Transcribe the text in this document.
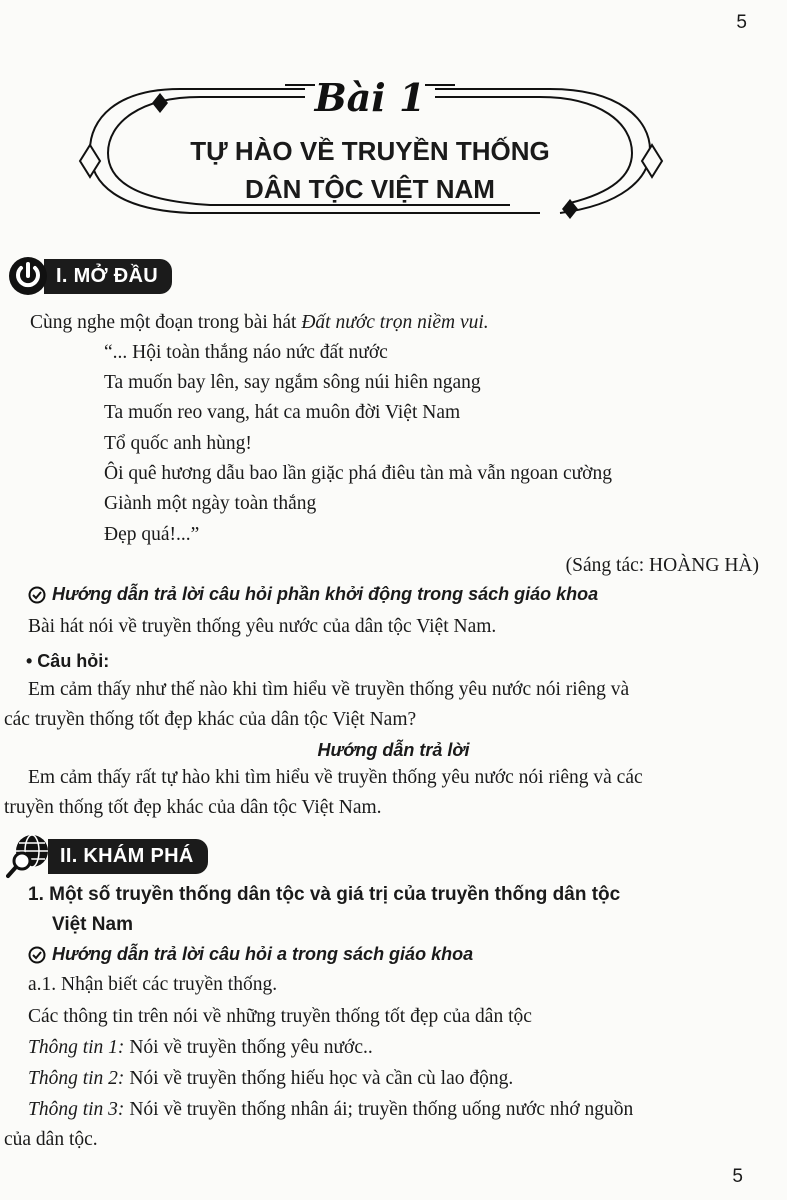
5
Bài 1
TỰ HÀO VỀ TRUYỀN THỐNG
DÂN TỘC VIỆT NAM
I. MỞ ĐẦU
Cùng nghe một đoạn trong bài hát Đất nước trọn niềm vui.
“... Hội toàn thắng náo nức đất nước
Ta muốn bay lên, say ngắm sông núi hiên ngang
Ta muốn reo vang, hát ca muôn đời Việt Nam
Tổ quốc anh hùng!
Ôi quê hương dẫu bao lần giặc phá điêu tàn mà vẫn ngoan cường
Giành một ngày toàn thắng
Đẹp quá!...”
(Sáng tác: HOÀNG HÀ)
Hướng dẫn trả lời câu hỏi phần khởi động trong sách giáo khoa
Bài hát nói về truyền thống yêu nước của dân tộc Việt Nam.
• Câu hỏi:
Em cảm thấy như thế nào khi tìm hiểu về truyền thống yêu nước nói riêng và
các truyền thống tốt đẹp khác của dân tộc Việt Nam?
Hướng dẫn trả lời
Em cảm thấy rất tự hào khi tìm hiểu về truyền thống yêu nước nói riêng và các
truyền thống tốt đẹp khác của dân tộc Việt Nam.
II. KHÁM PHÁ
1. Một số truyền thống dân tộc và giá trị của truyền thống dân tộc
Việt Nam
Hướng dẫn trả lời câu hỏi a trong sách giáo khoa
a.1. Nhận biết các truyền thống.
Các thông tin trên nói về những truyền thống tốt đẹp của dân tộc
Thông tin 1: Nói về truyền thống yêu nước..
Thông tin 2: Nói về truyền thống hiếu học và cần cù lao động.
Thông tin 3: Nói về truyền thống nhân ái; truyền thống uống nước nhớ nguồn
của dân tộc.
5
